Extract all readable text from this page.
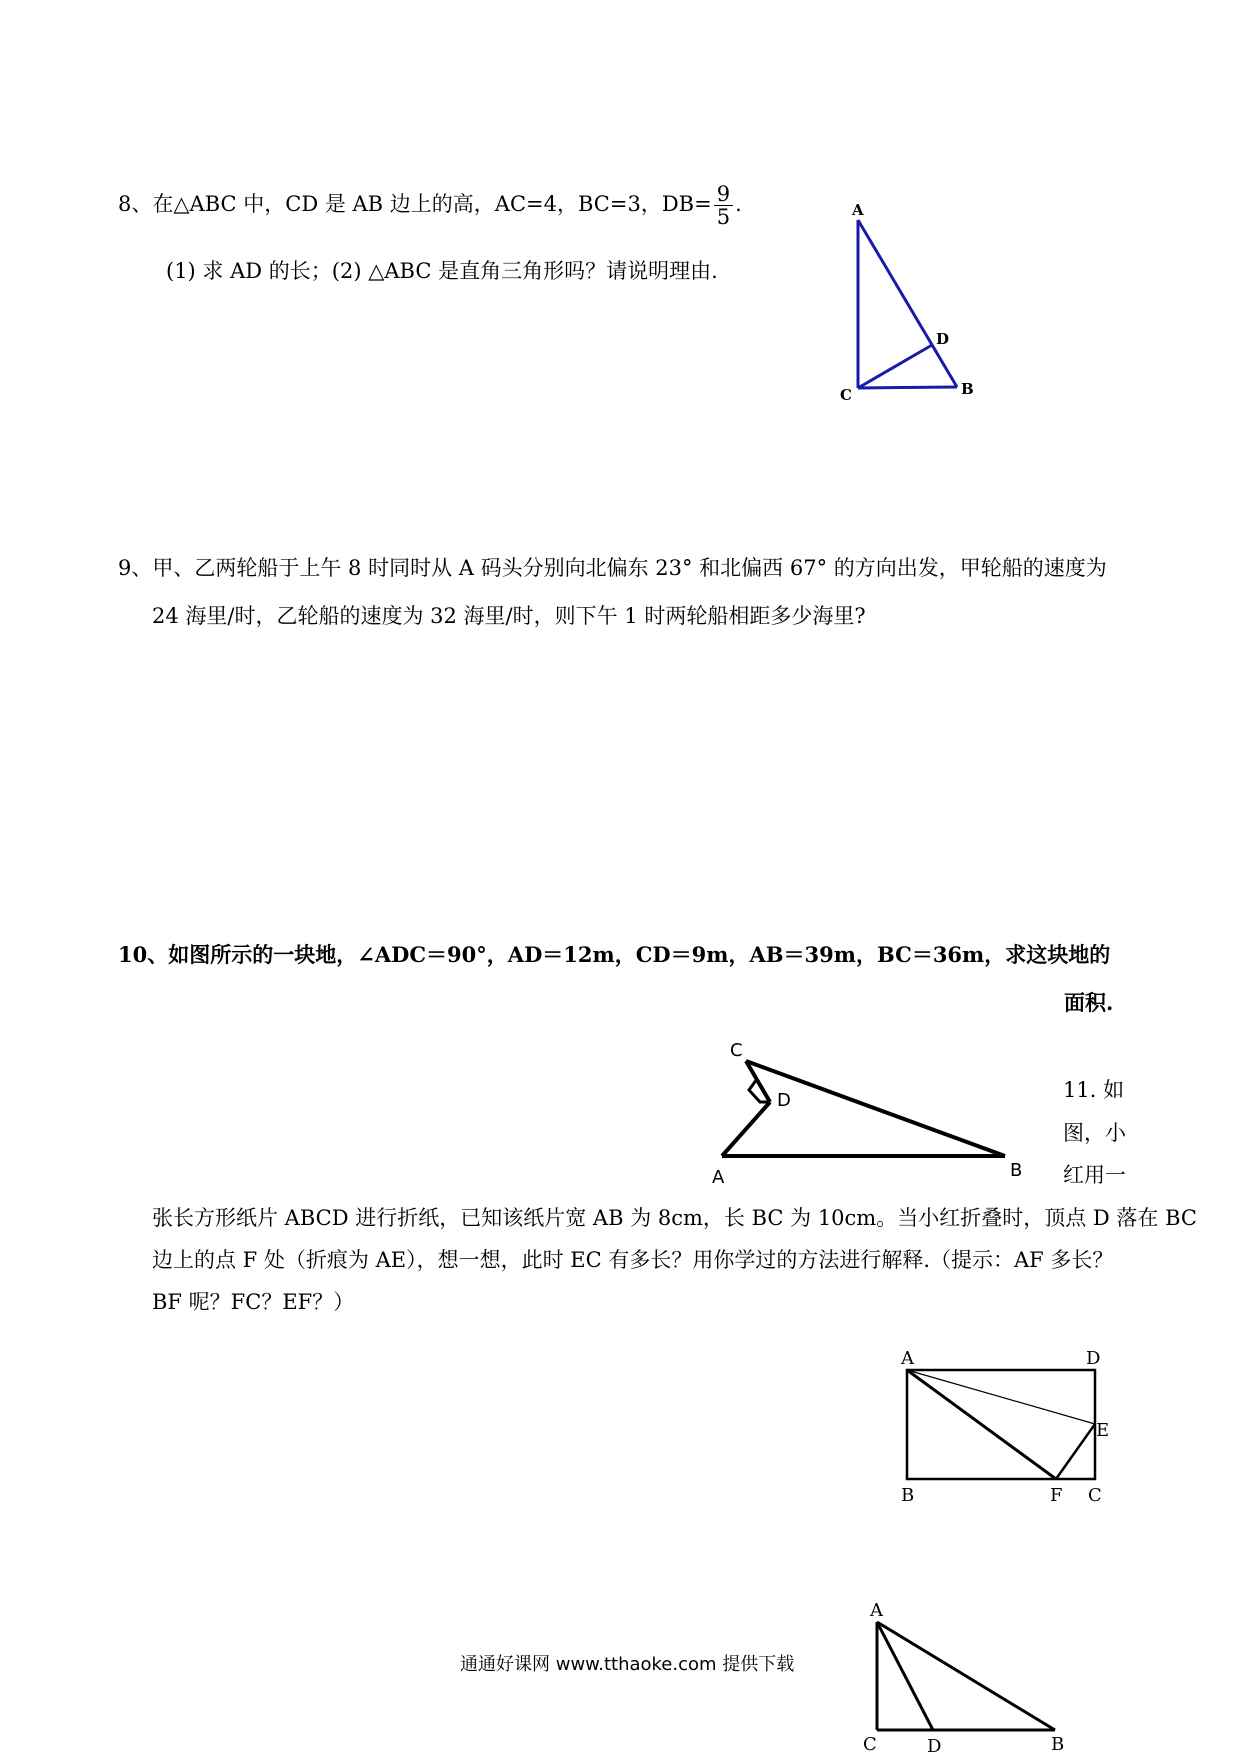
8、在△ABC 中，CD 是 AB 边上的高，AC=4，BC=3，$DB= \frac{9}{5}$ .
(1) 求 AD 的长；(2) △ABC 是直角三角形吗？请说明理由.
A
D
C	B
9、甲、乙两轮船于上午 8 时同时从 A 码头分别向北偏东 23° 和北偏西 67° 的方向出发，甲轮船的速度为
24 海里/时，乙轮船的速度为 32 海里/时，则下午 1 时两轮船相距多少海里?
10、如图所示的一块地，∠ADC＝90°，AD＝12m，CD＝9m，AB＝39m，BC＝36m，求这块地的
面积.
C
D
A	B
11. 如
图，小
红用一
张长方形纸片 ABCD 进行折纸，已知该纸片宽 AB 为 8cm，长 BC 为 10cm。当小红折叠时，顶点 D 落在 BC
边上的点 F 处（折痕为 AE），想一想，此时 EC 有多长？用你学过的方法进行解释.（提示：AF 多长？
BF 呢？FC？EF？）
A	D
E
B	F C
A
C	D	B
通通好课网 www.tthaoke.com 提供下载
